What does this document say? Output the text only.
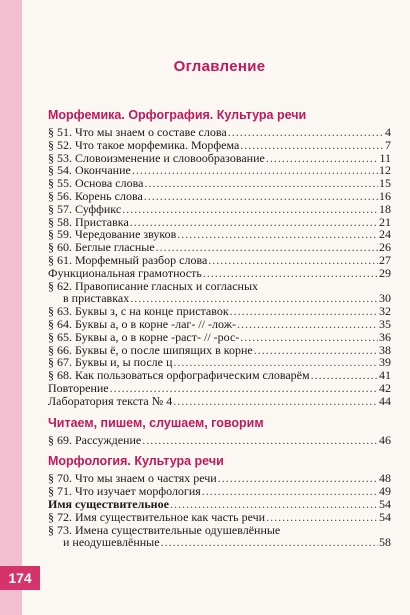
174
Оглавление
Морфемика. Орфография. Культура речи
§ 51. Что мы знаем о составе слова .....	4
§ 52. Что такое морфемика. Морфема .....	7
§ 53. Словоизменение и словообразование .....	11
§ 54. Окончание .....	12
§ 55. Основа слова .....	15
§ 56. Корень слова .....	16
§ 57. Суффикс .....	18
§ 58. Приставка .....	21
§ 59. Чередование звуков .....	24
§ 60. Беглые гласные .....	26
§ 61. Морфемный разбор слова .....	27
Функциональная грамотность .....	29
§ 62. Правописание гласных и согласных
в приставках .....	30
§ 63. Буквы з, с на конце приставок .....	32
§ 64. Буквы а, о в корне -лаг- // -лож- .....	35
§ 65. Буквы а, о в корне -раст- // -рос- .....	36
§ 66. Буквы ё, о после шипящих в корне .....	38
§ 67. Буквы и, ы после ц .....	39
§ 68. Как пользоваться орфографическим словарём .....	41
Повторение .....	42
Лаборатория текста № 4 .....	44
Читаем, пишем, слушаем, говорим
§ 69. Рассуждение .....	46
Морфология. Культура речи
§ 70. Что мы знаем о частях речи .....	48
§ 71. Что изучает морфология .....	49
Имя существительное .....	54
§ 72. Имя существительное как часть речи .....	54
§ 73. Имена существительные одушевлённые
и неодушевлённые .....	58
